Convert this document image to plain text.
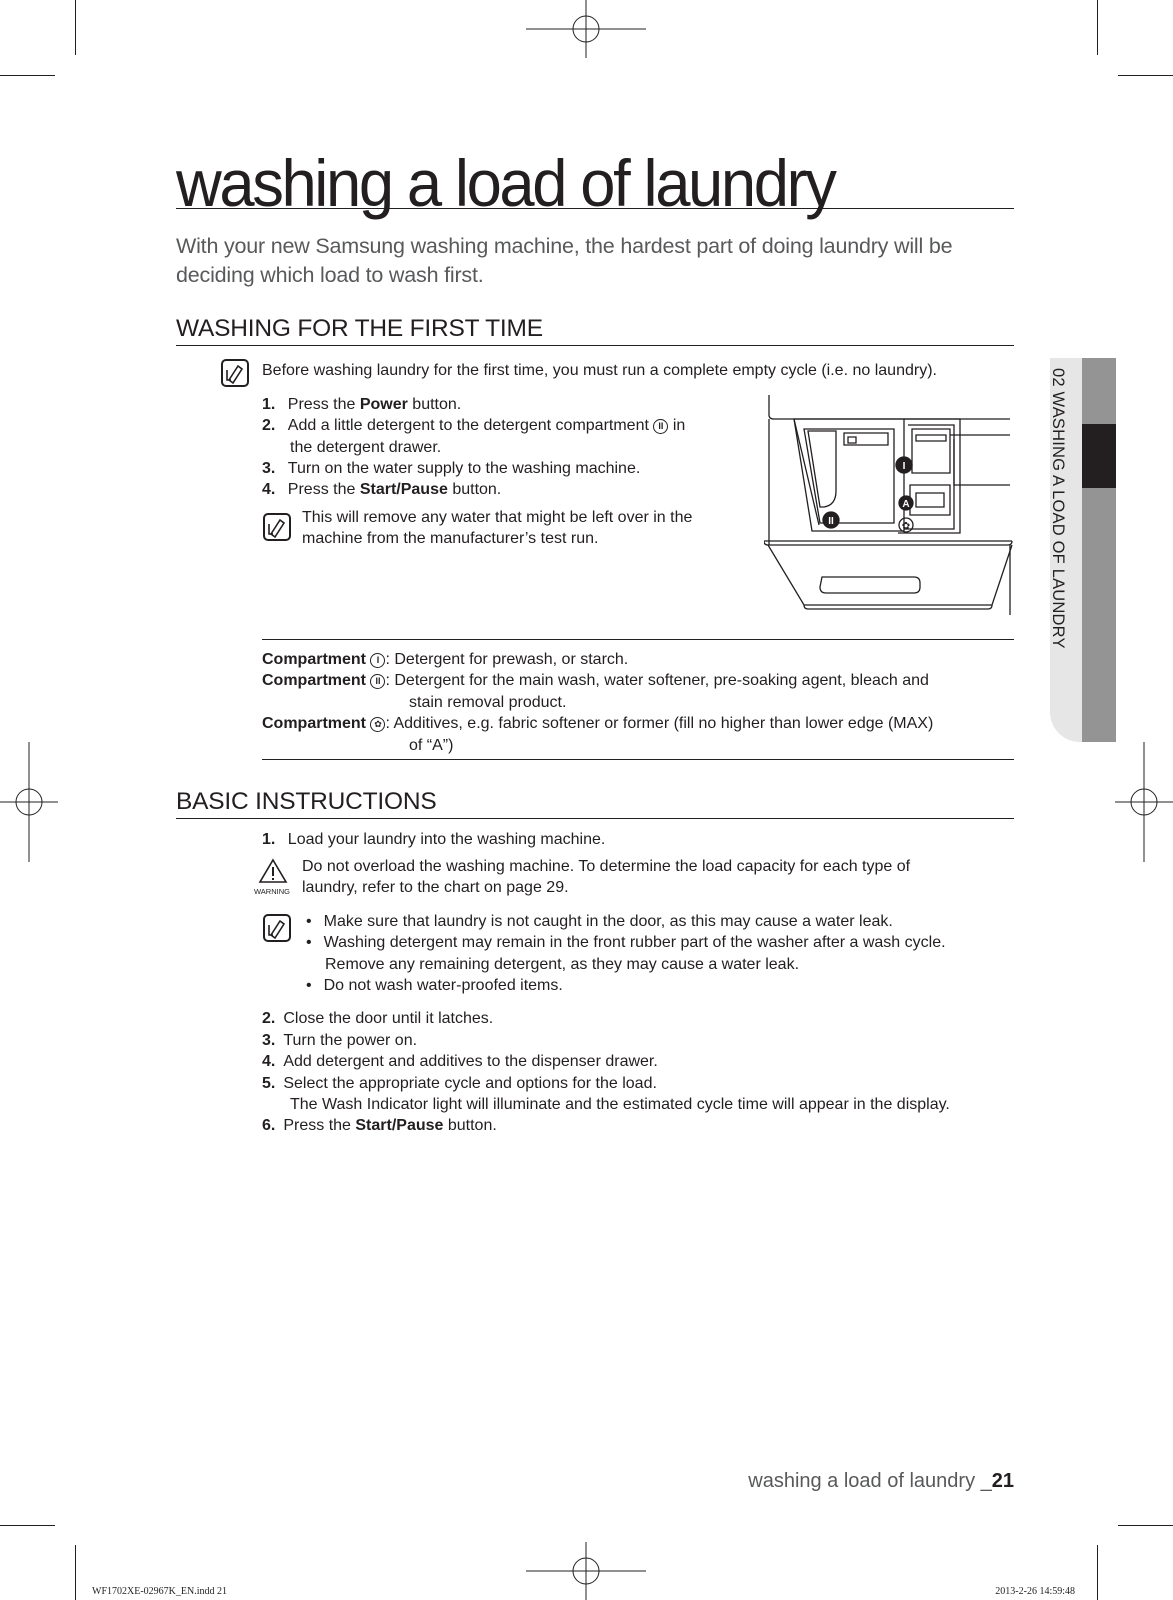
02 WASHING A LOAD OF LAUNDRY
washing a load of laundry
With your new Samsung washing machine, the hardest part of doing laundry will be deciding which load to wash first.
WASHING FOR THE FIRST TIME
Before washing laundry for the first time, you must run a complete empty cycle (i.e. no laundry).
1. Press the Power button.
2. Add a little detergent to the detergent compartment II in
the detergent drawer.
3. Turn on the water supply to the washing machine.
4. Press the Start/Pause button.
This will remove any water that might be left over in the
machine from the manufacturer’s test run.
I
II
A
✿
Compartment I : Detergent for prewash, or starch.
Compartment II : Detergent for the main wash, water softener, pre-soaking agent, bleach and
stain removal product.
Compartment ✿ : Additives, e.g. fabric softener or former (fill no higher than lower edge (MAX)
of “A”)
BASIC INSTRUCTIONS
1. Load your laundry into the washing machine.
WARNING
Do not overload the washing machine. To determine the load capacity for each type of
laundry, refer to the chart on page 29.
• Make sure that laundry is not caught in the door, as this may cause a water leak.
• Washing detergent may remain in the front rubber part of the washer after a wash cycle.
Remove any remaining detergent, as they may cause a water leak.
• Do not wash water-proofed items.
2. Close the door until it latches.
3. Turn the power on.
4. Add detergent and additives to the dispenser drawer.
5. Select the appropriate cycle and options for the load.
The Wash Indicator light will illuminate and the estimated cycle time will appear in the display.
6. Press the Start/Pause button.
washing a load of laundry _21
WF1702XE-02967K_EN.indd 21	2013-2-26 14:59:48
